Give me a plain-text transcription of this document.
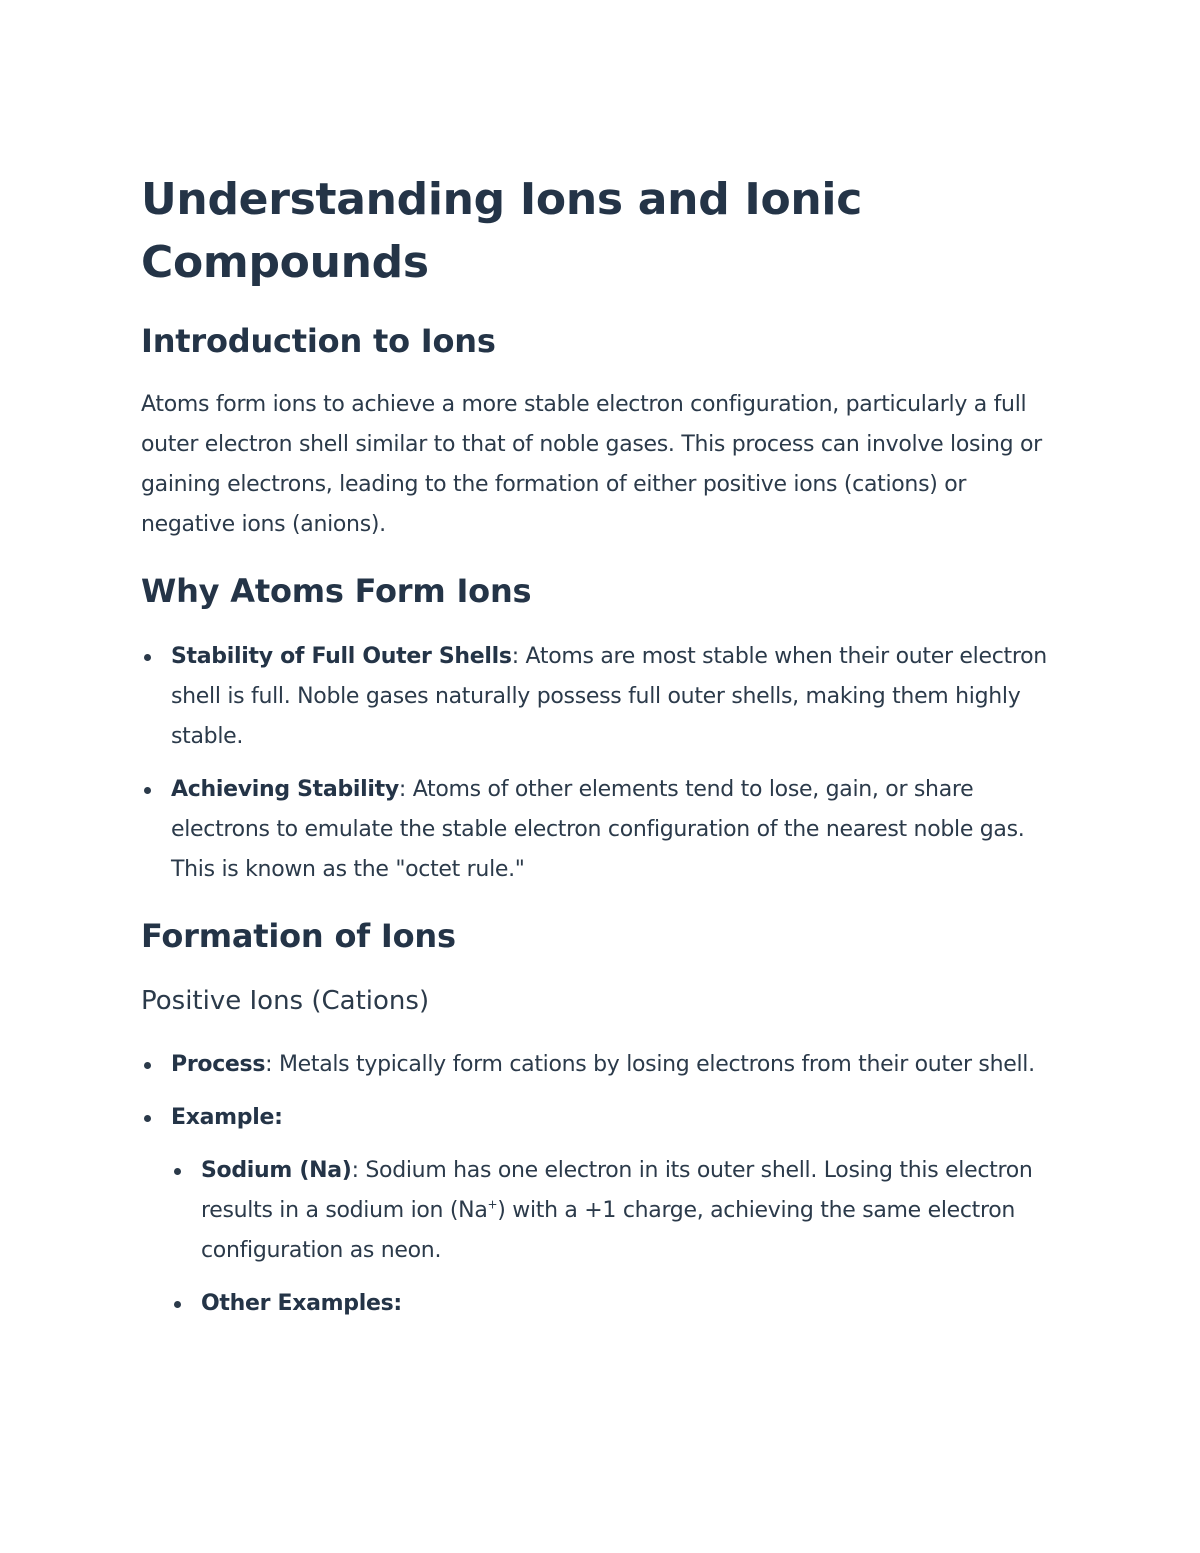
Understanding Ions and Ionic Compounds
Introduction to Ions

Atoms form ions to achieve a more stable electron configuration, particularly a full outer electron shell similar to that of noble gases. This process can involve losing or gaining electrons, leading to the formation of either positive ions (cations) or negative ions (anions).

Why Atoms Form Ions
Stability of Full Outer Shells: Atoms are most stable when their outer electron shell is full. Noble gases naturally possess full outer shells, making them highly stable.
Achieving Stability: Atoms of other elements tend to lose, gain, or share electrons to emulate the stable electron configuration of the nearest noble gas. This is known as the "octet rule."
Formation of Ions
Positive Ions (Cations)
Process: Metals typically form cations by losing electrons from their outer shell.
Example:
Sodium (Na): Sodium has one electron in its outer shell. Losing this electron results in a sodium ion (Na+) with a +1 charge, achieving the same electron configuration as neon.
Other Examples:
